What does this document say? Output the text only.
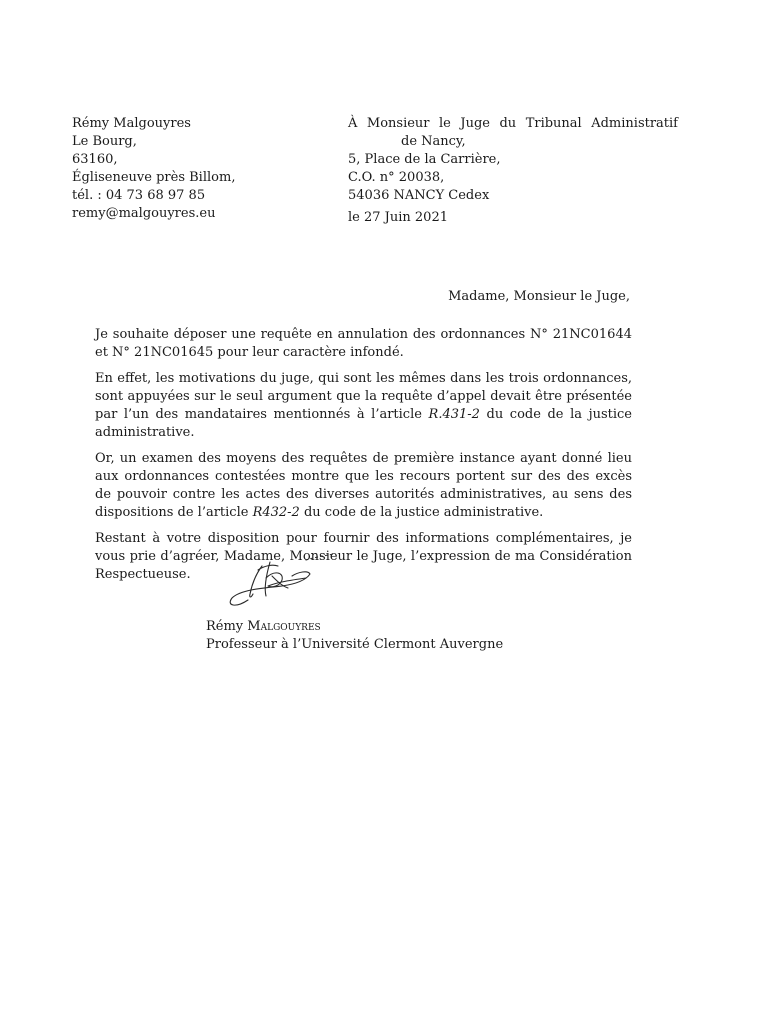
Rémy Malgouyres
Le Bourg,
63160,
Égliseneuve près Billom,
tél. : 04 73 68 97 85
remy@malgouyres.eu
À Monsieur le Juge du Tribunal Administratif
de Nancy,
5, Place de la Carrière,
C.O. n° 20038,
54036 NANCY Cedex
le 27 Juin 2021
Madame, Monsieur le Juge,

Je souhaite déposer une requête en annulation des ordonnances N° 21NC01644 et N° 21NC01645 pour leur caractère infondé.

En effet, les motivations du juge, qui sont les mêmes dans les trois ordonnances, sont appuyées sur le seul argument que la requête d’appel devait être présentée par l’un des mandataires mentionnés à l’article R.431-2 du code de la justice administrative.

Or, un examen des moyens des requêtes de première instance ayant donné lieu aux ordonnances contestées montre que les recours portent sur des des excès de pouvoir contre les actes des diverses autorités administratives, au sens des dispositions de l’article R432-2 du code de la justice administrative.

Restant à votre disposition pour fournir des informations complémentaires, je vous prie d’agréer, Madame, Monsieur le Juge, l’expression de ma Considération Respectueuse.

Rémy Malgouyres
Professeur à l’Université Clermont Auvergne
